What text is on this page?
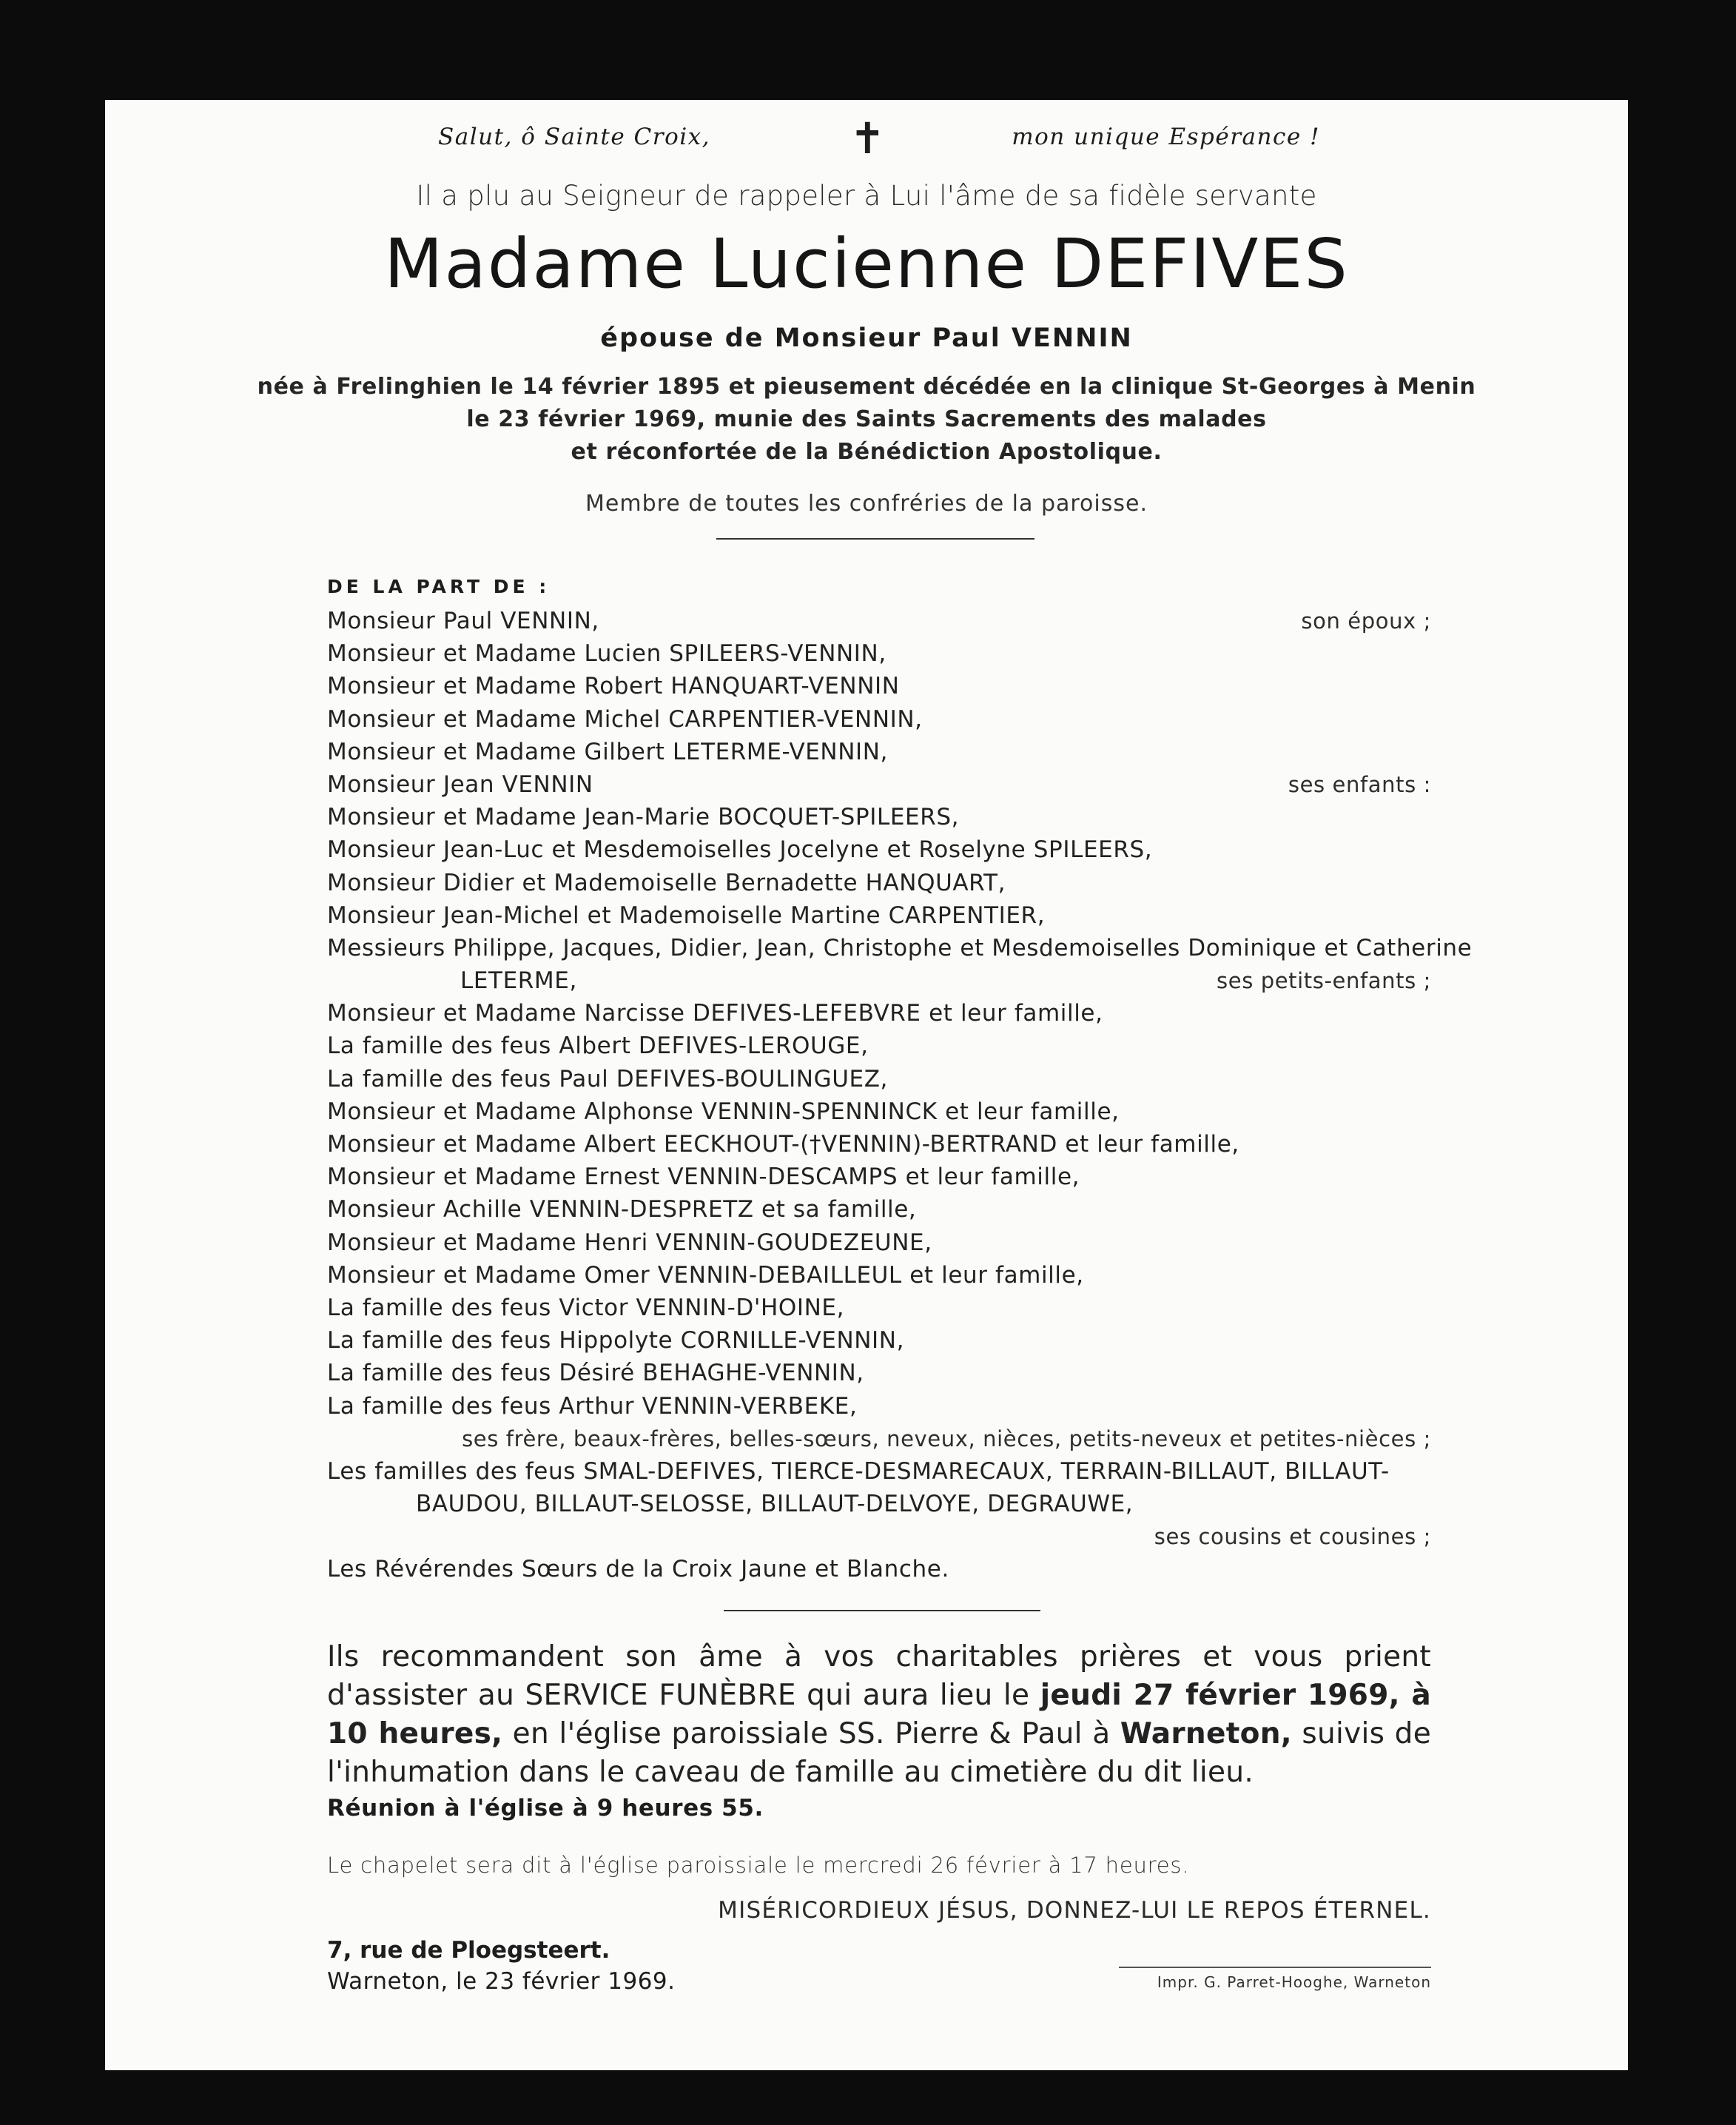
Salut, ô Sainte Croix,	✝	mon unique Espérance !
Il a plu au Seigneur de rappeler à Lui l'âme de sa fidèle servante
Madame Lucienne DEFIVES
épouse de Monsieur Paul VENNIN
née à Frelinghien le 14 février 1895 et pieusement décédée en la clinique St-Georges à Menin
le 23 février 1969, munie des Saints Sacrements des malades
et réconfortée de la Bénédiction Apostolique.
Membre de toutes les confréries de la paroisse.
DE LA PART DE :
Monsieur Paul VENNIN,	son époux ;
Monsieur et Madame Lucien SPILEERS-VENNIN,
Monsieur et Madame Robert HANQUART-VENNIN
Monsieur et Madame Michel CARPENTIER-VENNIN,
Monsieur et Madame Gilbert LETERME-VENNIN,
Monsieur Jean VENNIN	ses enfants :
Monsieur et Madame Jean-Marie BOCQUET-SPILEERS,
Monsieur Jean-Luc et Mesdemoiselles Jocelyne et Roselyne SPILEERS,
Monsieur Didier et Mademoiselle Bernadette HANQUART,
Monsieur Jean-Michel et Mademoiselle Martine CARPENTIER,
Messieurs Philippe, Jacques, Didier, Jean, Christophe et Mesdemoiselles Dominique et Catherine
LETERME,	ses petits-enfants ;
Monsieur et Madame Narcisse DEFIVES-LEFEBVRE et leur famille,
La famille des feus Albert DEFIVES-LEROUGE,
La famille des feus Paul DEFIVES-BOULINGUEZ,
Monsieur et Madame Alphonse VENNIN-SPENNINCK et leur famille,
Monsieur et Madame Albert EECKHOUT-(†VENNIN)-BERTRAND et leur famille,
Monsieur et Madame Ernest VENNIN-DESCAMPS et leur famille,
Monsieur Achille VENNIN-DESPRETZ et sa famille,
Monsieur et Madame Henri VENNIN-GOUDEZEUNE,
Monsieur et Madame Omer VENNIN-DEBAILLEUL et leur famille,
La famille des feus Victor VENNIN-D'HOINE,
La famille des feus Hippolyte CORNILLE-VENNIN,
La famille des feus Désiré BEHAGHE-VENNIN,
La famille des feus Arthur VENNIN-VERBEKE,
ses frère, beaux-frères, belles-sœurs, neveux, nièces, petits-neveux et petites-nièces ;
Les familles des feus SMAL-DEFIVES, TIERCE-DESMARECAUX, TERRAIN-BILLAUT, BILLAUT-
BAUDOU, BILLAUT-SELOSSE, BILLAUT-DELVOYE, DEGRAUWE,
ses cousins et cousines ;
Les Révérendes Sœurs de la Croix Jaune et Blanche.

Ils recommandent son âme à vos charitables prières et vous prient d'assister au SERVICE FUNÈBRE qui aura lieu le jeudi 27 février 1969, à 10 heures, en l'église paroissiale SS. Pierre & Paul à Warneton, suivis de l'inhumation dans le caveau de famille au cimetière du dit lieu.

Réunion à l'église à 9 heures 55.
Le chapelet sera dit à l'église paroissiale le mercredi 26 février à 17 heures.
MISÉRICORDIEUX JÉSUS, DONNEZ-LUI LE REPOS ÉTERNEL.
7, rue de Ploegsteert.
Warneton, le 23 février 1969.	Impr. G. Parret-Hooghe, Warneton
